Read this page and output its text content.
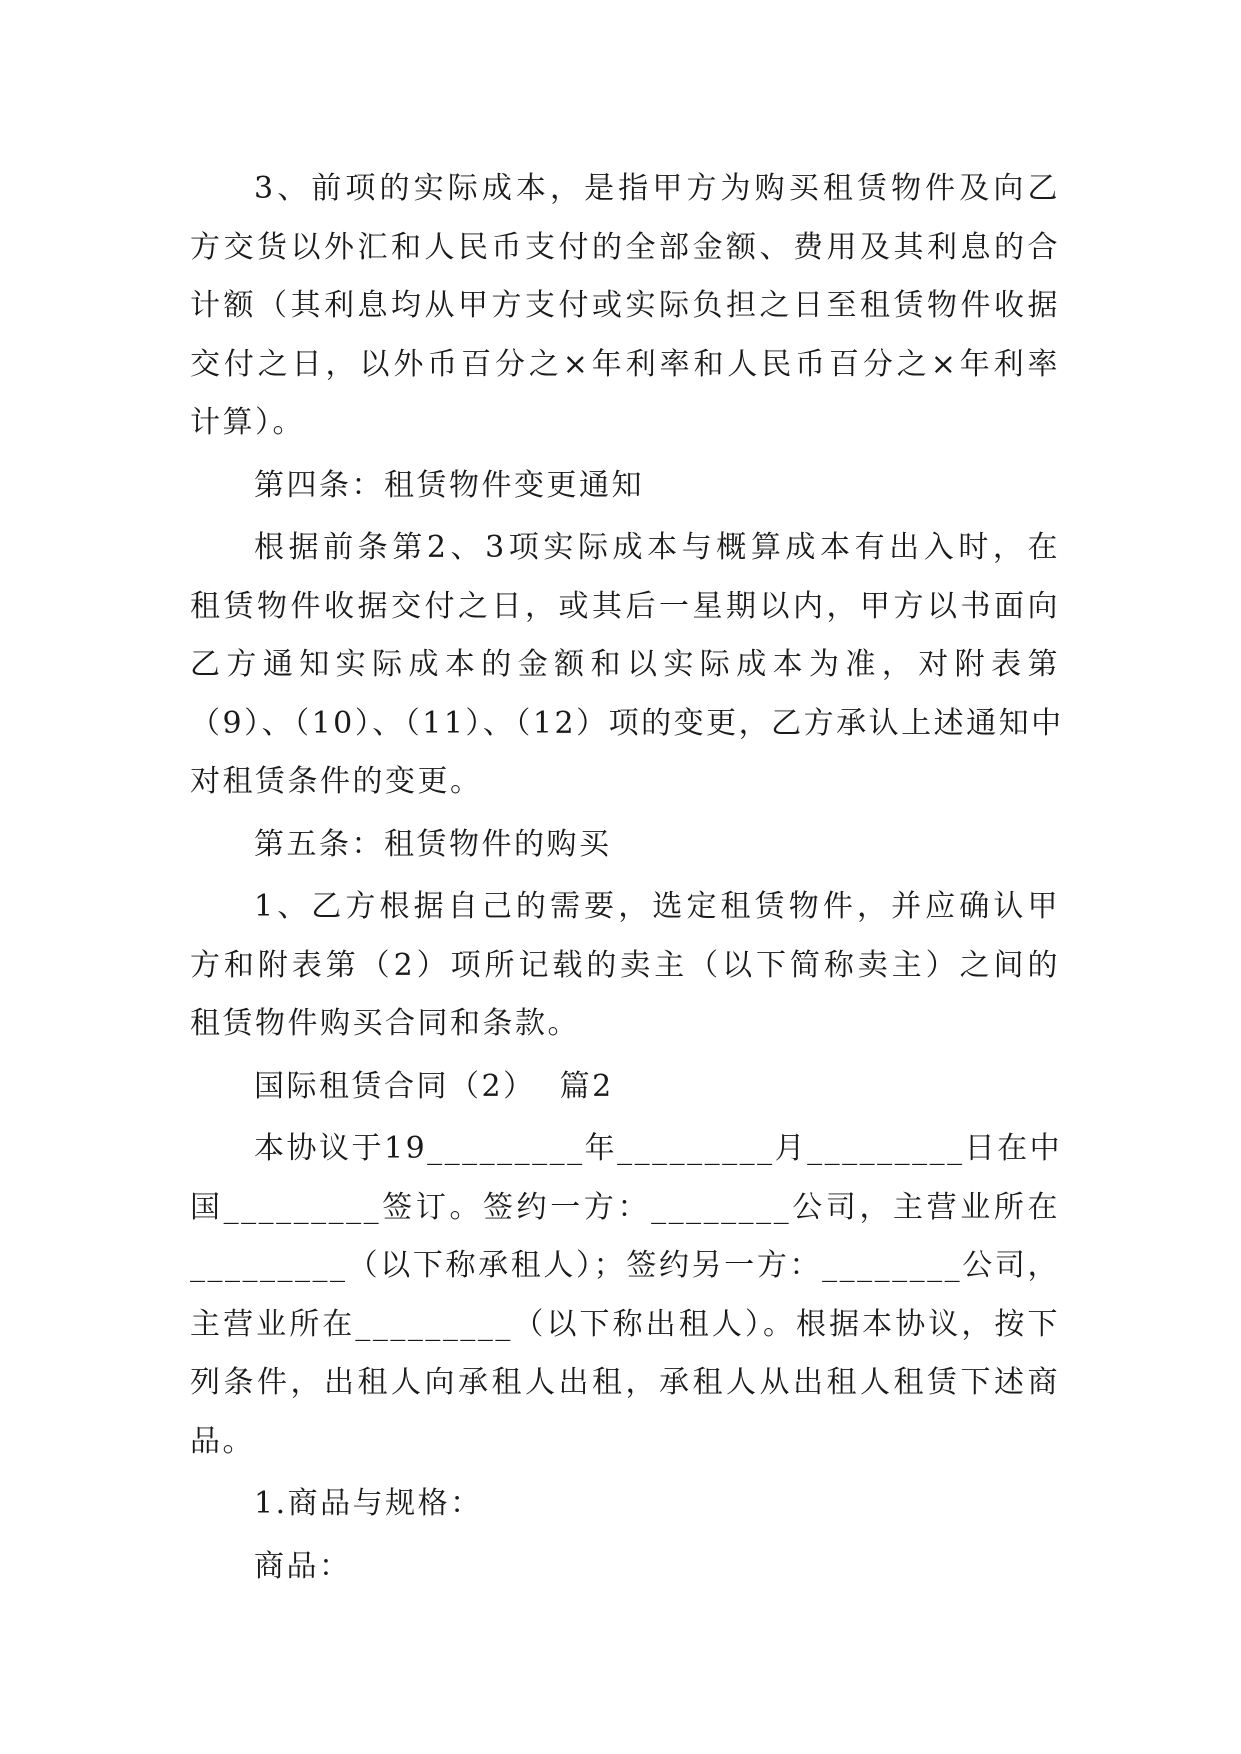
3、前项的实际成本，是指甲方为购买租赁物件及向乙
方交货以外汇和人民币支付的全部金额、费用及其利息的合
计额（其利息均从甲方支付或实际负担之日至租赁物件收据
交付之日，以外币百分之×年利率和人民币百分之×年利率
计算）。
第四条：租赁物件变更通知
根据前条第2、3项实际成本与概算成本有出入时，在
租赁物件收据交付之日，或其后一星期以内，甲方以书面向
乙方通知实际成本的金额和以实际成本为准，对附表第
（9）、（10）、（11）、（12）项的变更，乙方承认上述通知中
对租赁条件的变更。
第五条：租赁物件的购买
1、乙方根据自己的需要，选定租赁物件，并应确认甲
方和附表第（2）项所记载的卖主（以下简称卖主）之间的
租赁物件购买合同和条款。
国际租赁合同（2）  篇2
本协议于19_________年_________月_________日在中
国_________签订。签约一方：________公司，主营业所在
_________（以下称承租人）；签约另一方：________公司，
主营业所在_________（以下称出租人）。根据本协议，按下
列条件，出租人向承租人出租，承租人从出租人租赁下述商
品。
1.商品与规格：
商品：
